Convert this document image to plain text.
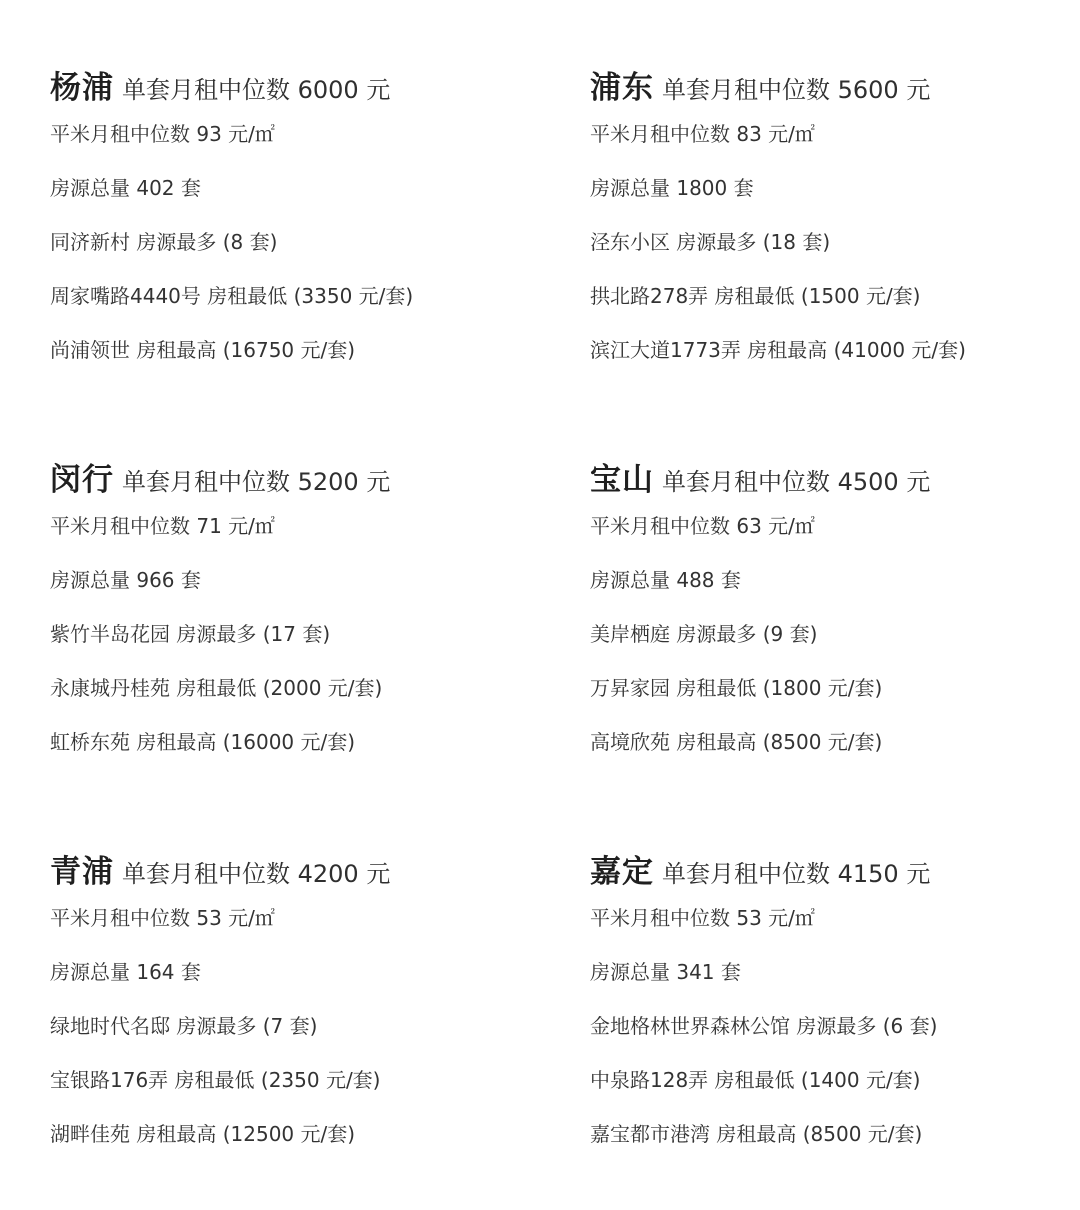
杨浦 单套月租中位数 6000 元
平米月租中位数 93 元/㎡
房源总量 402 套
同济新村 房源最多 (8 套)
周家嘴路4440号 房租最低 (3350 元/套)
尚浦领世 房租最高 (16750 元/套)
浦东 单套月租中位数 5600 元
平米月租中位数 83 元/㎡
房源总量 1800 套
泾东小区 房源最多 (18 套)
拱北路278弄 房租最低 (1500 元/套)
滨江大道1773弄 房租最高 (41000 元/套)
闵行 单套月租中位数 5200 元
平米月租中位数 71 元/㎡
房源总量 966 套
紫竹半岛花园 房源最多 (17 套)
永康城丹桂苑 房租最低 (2000 元/套)
虹桥东苑 房租最高 (16000 元/套)
宝山 单套月租中位数 4500 元
平米月租中位数 63 元/㎡
房源总量 488 套
美岸栖庭 房源最多 (9 套)
万昇家园 房租最低 (1800 元/套)
高境欣苑 房租最高 (8500 元/套)
青浦 单套月租中位数 4200 元
平米月租中位数 53 元/㎡
房源总量 164 套
绿地时代名邸 房源最多 (7 套)
宝银路176弄 房租最低 (2350 元/套)
湖畔佳苑 房租最高 (12500 元/套)
嘉定 单套月租中位数 4150 元
平米月租中位数 53 元/㎡
房源总量 341 套
金地格林世界森林公馆 房源最多 (6 套)
中泉路128弄 房租最低 (1400 元/套)
嘉宝都市港湾 房租最高 (8500 元/套)
